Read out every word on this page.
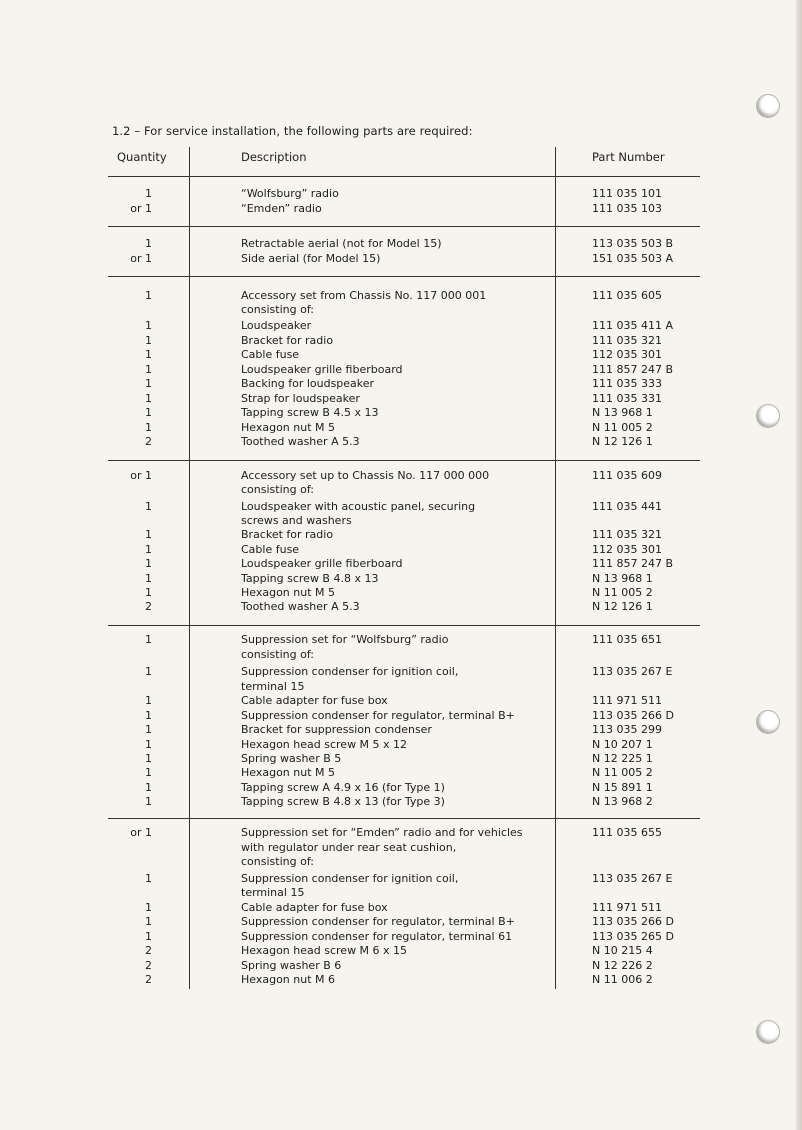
1.2 – For service installation, the following parts are required:
Quantity	Description	Part Number
1	“Wolfsburg” radio	111 035 101
or 1	“Emden” radio	111 035 103
1	Retractable aerial (not for Model 15)	113 035 503 B
or 1	Side aerial (for Model 15)	151 035 503 A
1	Accessory set from Chassis No. 117 000 001	111 035 605
consisting of:
1	Loudspeaker	111 035 411 A
1	Bracket for radio	111 035 321
1	Cable fuse	112 035 301
1	Loudspeaker grille fiberboard	111 857 247 B
1	Backing for loudspeaker	111 035 333
1	Strap for loudspeaker	111 035 331
1	Tapping screw B 4.5 x 13	N 13 968 1
1	Hexagon nut M 5	N 11 005 2
2	Toothed washer A 5.3	N 12 126 1
or 1	Accessory set up to Chassis No. 117 000 000	111 035 609
consisting of:
1	Loudspeaker with acoustic panel, securing	111 035 441
screws and washers
1	Bracket for radio	111 035 321
1	Cable fuse	112 035 301
1	Loudspeaker grille fiberboard	111 857 247 B
1	Tapping screw B 4.8 x 13	N 13 968 1
1	Hexagon nut M 5	N 11 005 2
2	Toothed washer A 5.3	N 12 126 1
1	Suppression set for “Wolfsburg” radio	111 035 651
consisting of:
1	Suppression condenser for ignition coil,	113 035 267 E
terminal 15
1	Cable adapter for fuse box	111 971 511
1	Suppression condenser for regulator, terminal B+	113 035 266 D
1	Bracket for suppression condenser	113 035 299
1	Hexagon head screw M 5 x 12	N 10 207 1
1	Spring washer B 5	N 12 225 1
1	Hexagon nut M 5	N 11 005 2
1	Tapping screw A 4.9 x 16 (for Type 1)	N 15 891 1
1	Tapping screw B 4.8 x 13 (for Type 3)	N 13 968 2
or 1	Suppression set for “Emden” radio and for vehicles	111 035 655
with regulator under rear seat cushion,
consisting of:
1	Suppression condenser for ignition coil,	113 035 267 E
terminal 15
1	Cable adapter for fuse box	111 971 511
1	Suppression condenser for regulator, terminal B+	113 035 266 D
1	Suppression condenser for regulator, terminal 61	113 035 265 D
2	Hexagon head screw M 6 x 15	N 10 215 4
2	Spring washer B 6	N 12 226 2
2	Hexagon nut M 6	N 11 006 2
